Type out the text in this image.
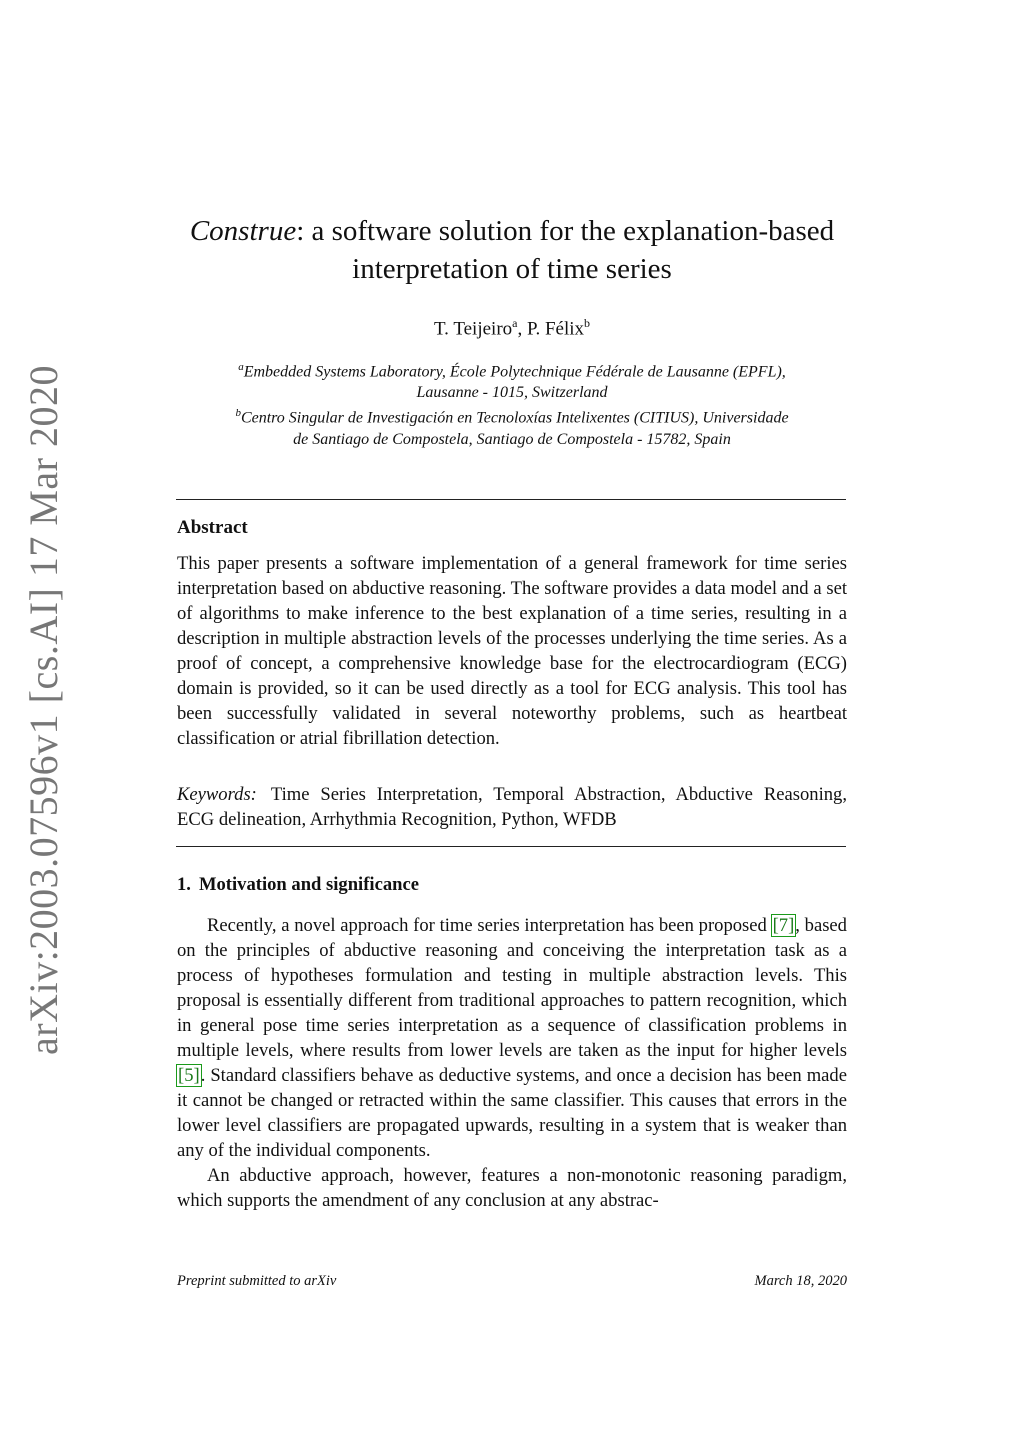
arXiv:2003.07596v1 [cs.AI] 17 Mar 2020
Construe: a software solution for the explanation-based
interpretation of time series
T. Teijeiro$^a$, P. Félix$^b$
$^a$Embedded Systems Laboratory, École Polytechnique Fédérale de Lausanne (EPFL),
Lausanne - 1015, Switzerland
$^b$Centro Singular de Investigación en Tecnoloxías Intelixentes (CITIUS), Universidade
de Santiago de Compostela, Santiago de Compostela - 15782, Spain
Abstract
This paper presents a software implementation of a general framework for time series interpretation based on abductive reasoning. The software provides a data model and a set of algorithms to make inference to the best explanation of a time series, resulting in a description in multiple abstraction levels of the processes underlying the time series. As a proof of concept, a comprehensive knowledge base for the electrocardiogram (ECG) domain is provided, so it can be used directly as a tool for ECG analysis. This tool has been successfully validated in several noteworthy problems, such as heartbeat classification or atrial fibrillation detection.
Keywords: Time Series Interpretation, Temporal Abstraction, Abductive Reasoning, ECG delineation, Arrhythmia Recognition, Python, WFDB
1. Motivation and significance

Recently, a novel approach for time series interpretation has been proposed [7], based on the principles of abductive reasoning and conceiving the interpretation task as a process of hypotheses formulation and testing in multiple abstraction levels. This proposal is essentially different from traditional approaches to pattern recognition, which in general pose time series interpretation as a sequence of classification problems in multiple levels, where results from lower levels are taken as the input for higher levels [5]. Standard classifiers behave as deductive systems, and once a decision has been made it cannot be changed or retracted within the same classifier. This causes that errors in the lower level classifiers are propagated upwards, resulting in a system that is weaker than any of the individual components.

An abductive approach, however, features a non-monotonic reasoning paradigm, which supports the amendment of any conclusion at any abstrac-

Preprint submitted to arXiv	March 18, 2020
